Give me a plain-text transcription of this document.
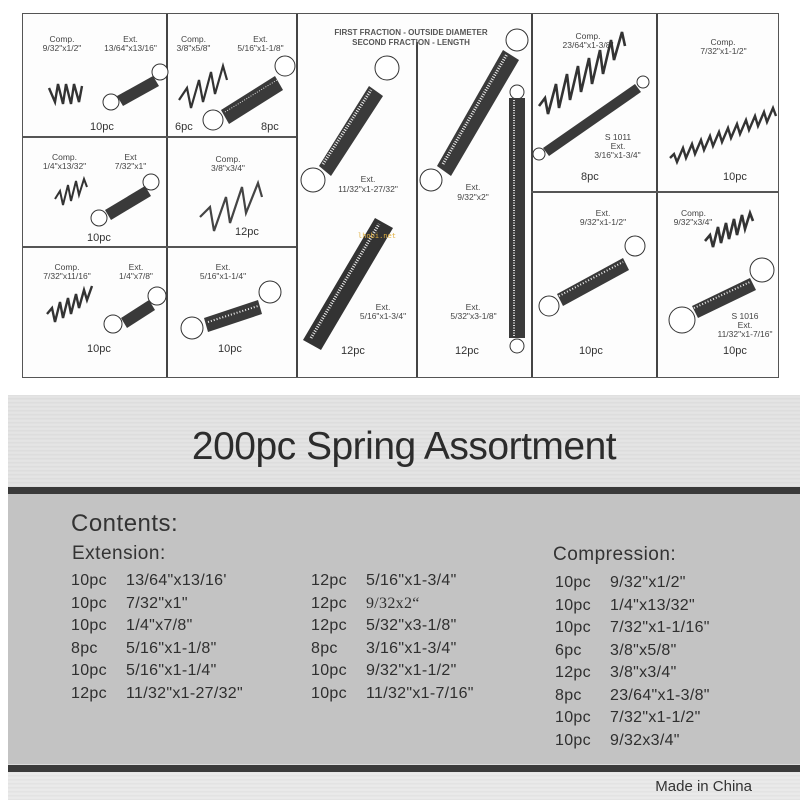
FIRST FRACTION - OUTSIDE DIAMETER
SECOND FRACTION - LENGTH
Comp.
9/32"x1/2"
Ext.
13/64"x13/16"
10pc
Comp.
3/8"x5/8"
Ext.
5/16"x1-1/8"
6pc	8pc
Comp.
1/4"x13/32"
Ext
7/32"x1"
10pc
Comp.
3/8"x3/4"
12pc
Comp.
7/32"x11/16"
Ext.
1/4"x7/8"
10pc
Ext.
5/16"x1-1/4"
10pc
Ext.
11/32"x1-27/32"
Ext.
5/16"x1-3/4"
12pc
lhobi.net
Ext.
9/32"x2"
Ext.
5/32"x3-1/8"
12pc
Comp.
23/64"x1-3/8"
S 1011
Ext.
3/16"x1-3/4"
8pc
Comp.
7/32"x1-1/2"
10pc
Ext.
9/32"x1-1/2"
10pc
Comp.
9/32"x3/4"
S 1016
Ext.
11/32"x1-7/16"
10pc
200pc Spring Assortment
Contents:
Extension:	Compression:
10pc 13/64"x13/16'
10pc 7/32"x1"
10pc 1/4"x7/8"
8pc 5/16"x1-1/8"
10pc 5/16"x1-1/4"
12pc 11/32"x1-27/32"
12pc 5/16"x1-3/4"
12pc 9/32x2“
12pc 5/32"x3-1/8"
8pc 3/16"x1-3/4"
10pc 9/32"x1-1/2"
10pc 11/32"x1-7/16"
10pc 9/32"x1/2"
10pc 1/4"x13/32"
10pc 7/32"x1-1/16"
6pc 3/8"x5/8"
12pc 3/8"x3/4"
8pc 23/64"x1-3/8"
10pc 7/32"x1-1/2"
10pc 9/32x3/4"
Made in China
